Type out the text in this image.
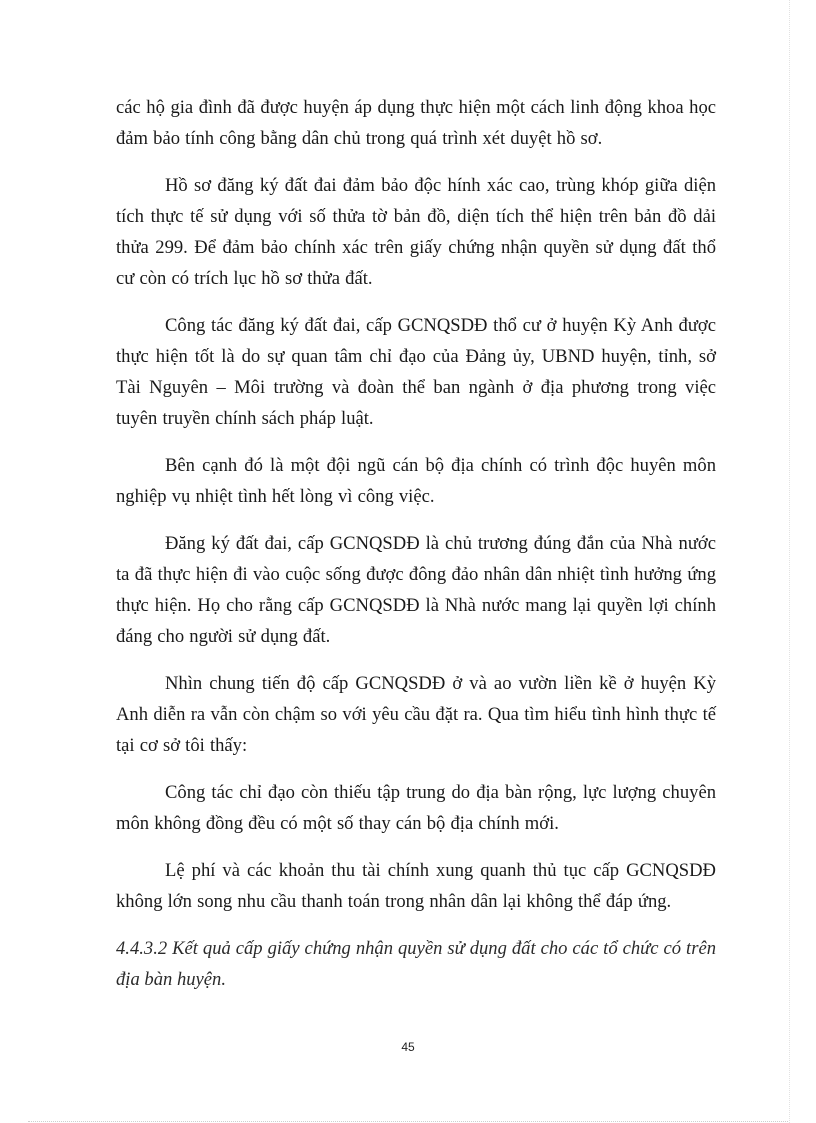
các hộ gia đình đã được huyện áp dụng thực hiện một cách linh động khoa học đảm bảo tính công bằng dân chủ trong quá trình xét duyệt hồ sơ.

Hồ sơ đăng ký đất đai đảm bảo độc hính xác cao, trùng khóp giữa diện tích thực tế sử dụng với số thửa tờ bản đồ, diện tích thể hiện trên bản đồ dải thửa 299. Để đảm bảo chính xác trên giấy chứng nhận quyền sử dụng đất thổ cư còn có trích lục hồ sơ thửa đất.

Công tác đăng ký đất đai, cấp GCNQSDĐ thổ cư ở huyện Kỳ Anh được thực hiện tốt là do sự quan tâm chỉ đạo của Đảng ủy, UBND huyện, tỉnh, sở Tài Nguyên – Môi trường và đoàn thể ban ngành ở địa phương trong việc tuyên truyền chính sách pháp luật.

Bên cạnh đó là một đội ngũ cán bộ địa chính có trình độc huyên môn nghiệp vụ nhiệt tình hết lòng vì công việc.

Đăng ký đất đai, cấp GCNQSDĐ là chủ trương đúng đắn của Nhà nước ta đã thực hiện đi vào cuộc sống được đông đảo nhân dân nhiệt tình hưởng ứng thực hiện. Họ cho rằng cấp GCNQSDĐ là Nhà nước mang lại quyền lợi chính đáng cho người sử dụng đất.

Nhìn chung tiến độ cấp GCNQSDĐ ở và ao vườn liền kề ở huyện Kỳ Anh diễn ra vẫn còn chậm so với yêu cầu đặt ra. Qua tìm hiểu tình hình thực tế tại cơ sở tôi thấy:

Công tác chỉ đạo còn thiếu tập trung do địa bàn rộng, lực lượng chuyên môn không đồng đều có một số thay cán bộ địa chính mới.

Lệ phí và các khoản thu tài chính xung quanh thủ tục cấp GCNQSDĐ không lớn song nhu cầu thanh toán trong nhân dân lại không thể đáp ứng.

4.4.3.2 Kết quả cấp giấy chứng nhận quyền sử dụng đất cho các tổ chức có trên địa bàn huyện.

45
